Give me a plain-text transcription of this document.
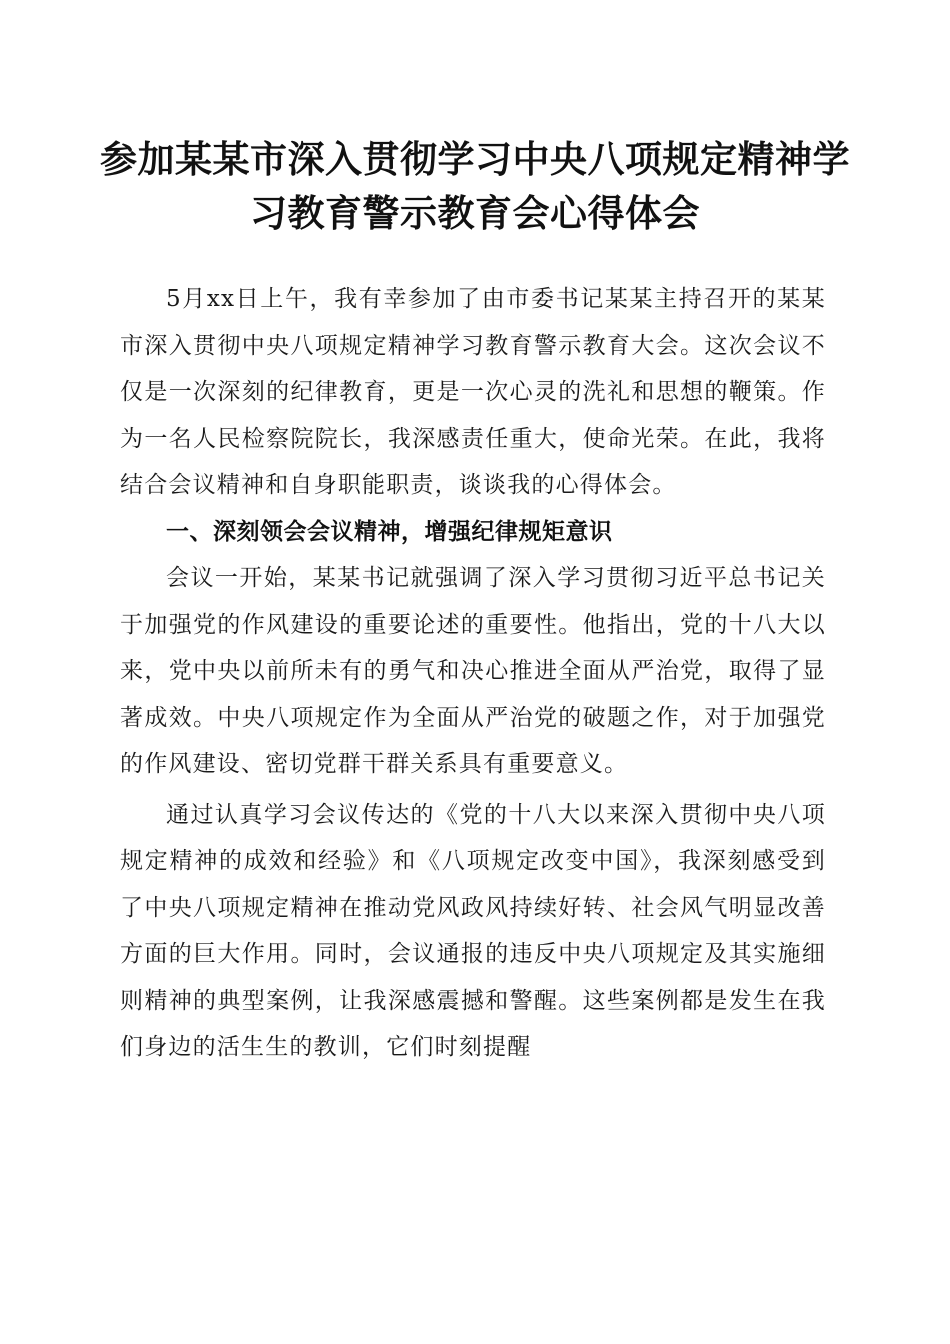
参加某某市深入贯彻学习中央八项规定精神学习教育警示教育会心得体会

5月xx日上午，我有幸参加了由市委书记某某主持召开的某某市深入贯彻中央八项规定精神学习教育警示教育大会。这次会议不仅是一次深刻的纪律教育，更是一次心灵的洗礼和思想的鞭策。作为一名人民检察院院长，我深感责任重大，使命光荣。在此，我将结合会议精神和自身职能职责，谈谈我的心得体会。

一、深刻领会会议精神，增强纪律规矩意识

会议一开始，某某书记就强调了深入学习贯彻习近平总书记关于加强党的作风建设的重要论述的重要性。他指出，党的十八大以来，党中央以前所未有的勇气和决心推进全面从严治党，取得了显著成效。中央八项规定作为全面从严治党的破题之作，对于加强党的作风建设、密切党群干群关系具有重要意义。

通过认真学习会议传达的《党的十八大以来深入贯彻中央八项规定精神的成效和经验》和《八项规定改变中国》，我深刻感受到了中央八项规定精神在推动党风政风持续好转、社会风气明显改善方面的巨大作用。同时，会议通报的违反中央八项规定及其实施细则精神的典型案例，让我深感震撼和警醒。这些案例都是发生在我们身边的活生生的教训，它们时刻提醒
